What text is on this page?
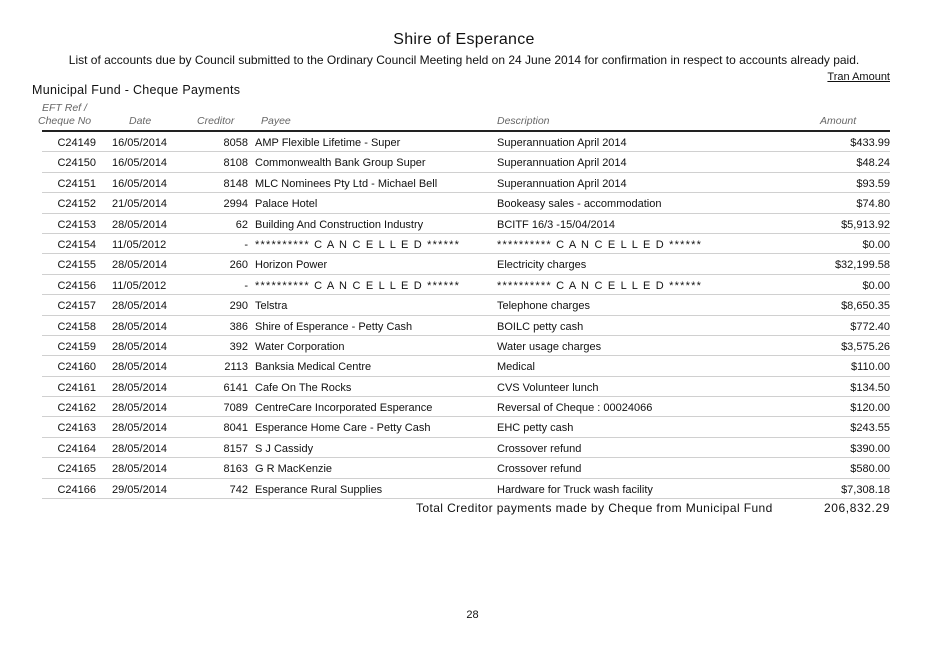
Shire of Esperance
List of accounts due by Council submitted to the Ordinary Council Meeting held on 24 June 2014 for confirmation in respect to accounts already paid.
Tran Amount
Municipal Fund - Cheque Payments
EFT Ref /
Cheque No	Date	Creditor	Payee	Description	Amount
C24149 16/05/2014	8058 AMP Flexible Lifetime - Super	Superannuation April 2014	$433.99
C24150 16/05/2014	8108 Commonwealth Bank Group Super	Superannuation April 2014	$48.24
C24151 16/05/2014	8148 MLC Nominees Pty Ltd - Michael Bell	Superannuation April 2014	$93.59
C24152 21/05/2014	2994 Palace Hotel	Bookeasy sales - accommodation	$74.80
C24153 28/05/2014	62 Building And Construction Industry	BCITF 16/3 -15/04/2014	$5,913.92
C24154 11/05/2012	- ********** C A N C E L L E D ******	********** C A N C E L L E D ******	$0.00
C24155 28/05/2014	260 Horizon Power	Electricity charges	$32,199.58
C24156 11/05/2012	- ********** C A N C E L L E D ******	********** C A N C E L L E D ******	$0.00
C24157 28/05/2014	290 Telstra	Telephone charges	$8,650.35
C24158 28/05/2014	386 Shire of Esperance - Petty Cash	BOILC petty cash	$772.40
C24159 28/05/2014	392 Water Corporation	Water usage charges	$3,575.26
C24160 28/05/2014	2113 Banksia Medical Centre	Medical	$110.00
C24161 28/05/2014	6141 Cafe On The Rocks	CVS Volunteer lunch	$134.50
C24162 28/05/2014	7089 CentreCare Incorporated Esperance	Reversal of Cheque : 00024066	$120.00
C24163 28/05/2014	8041 Esperance Home Care - Petty Cash	EHC petty cash	$243.55
C24164 28/05/2014	8157 S J Cassidy	Crossover refund	$390.00
C24165 28/05/2014	8163 G R MacKenzie	Crossover refund	$580.00
C24166 29/05/2014	742 Esperance Rural Supplies	Hardware for Truck wash facility	$7,308.18
Total Creditor payments made by Cheque from Municipal Fund	206,832.29
28
